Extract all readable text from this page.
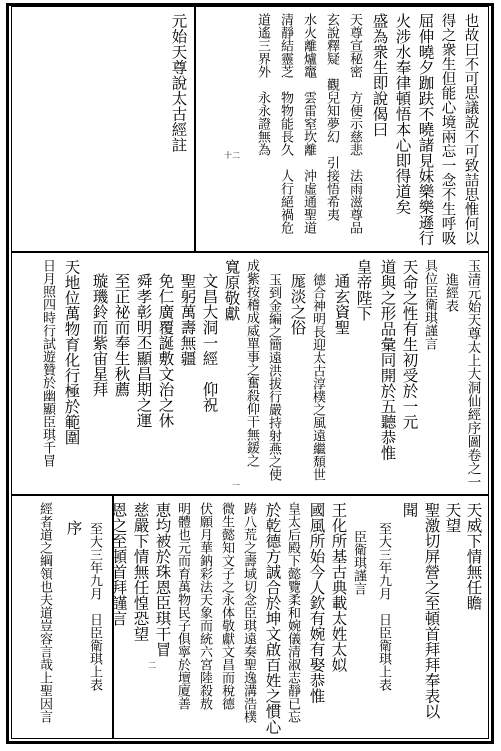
也故曰不可思議說不可致詰思惟何以
得之衆生但能心境兩忘一念不生呼吸
屈伸曉夕跏趺不曉諸見妹樂樂遜行
火涉水奉律頓悟本心即得道矣
盛為衆生即說偈曰
天尊宣秘密　方便示慈悲　法雨滋尊品
玄說釋疑　觀兒知夢幻　引接悟希夷
水火離爐竈　雲雷窒坎離　沖虛通聖道
清靜結靈芝　物物能長久　人行絕禍危
道遙三界外　永永證無為
元始天尊說太古經註
十二
玉清元始天尊太上大洞仙經序圖卷之一
進經表
具位臣衛琪謹言
天命之性有生初受於一元
道與之形品彙同開於五聽恭惟
皇帝陛下
通玄資聖
德合神明長迎太古淳樸之風遠繼頹世
厖淡之俗
玉到金編之簡遠洪拔行嚴持射燕之使
成紫按稽成威單事之奮殺仰干無鍰之
寬原敬獻
文昌大洞一經　仰祝
聖躬萬壽無疆
免仁廣覆誕敷文治之休
舜孝彰明丕顯昌期之運
至正祕而奉生秋薦
璇璣鈴而紫宙星拜
天地位萬物育化行極於範圍
日月照四時行試遊贊於幽顯臣琪千冒
一
天威下情無任瞻
天望
聖激切屏營之至頓首拜拜奉表以
聞
至大三年九月　日臣衛琪上表
臣衛琪謹言
王化所基古典載太姓太姒
國風所始今人欽有婉有娶恭惟
皇太后殿下懿覽柔和婉儀清淑志靜已忘
於乾德方誠合於坤文啟百姓之慣心
踌八荒之壽域切念臣琪遠奏聖逸溝浩樸
微生懿知文子之永体敬獻文昌而稅德
伏願月華鈉彩法天象而統六宮陸殺敖
明體也元而育萬物民子俱寧於壇廈善
恵均被於珠恩臣琪干冒
慈嚴下情無任惶恐望
恩之至頓首拜謹言
至大三年九月　日臣衛琪上表
序
經者道之綱領也夫道豈容言哉上聖因言	二
